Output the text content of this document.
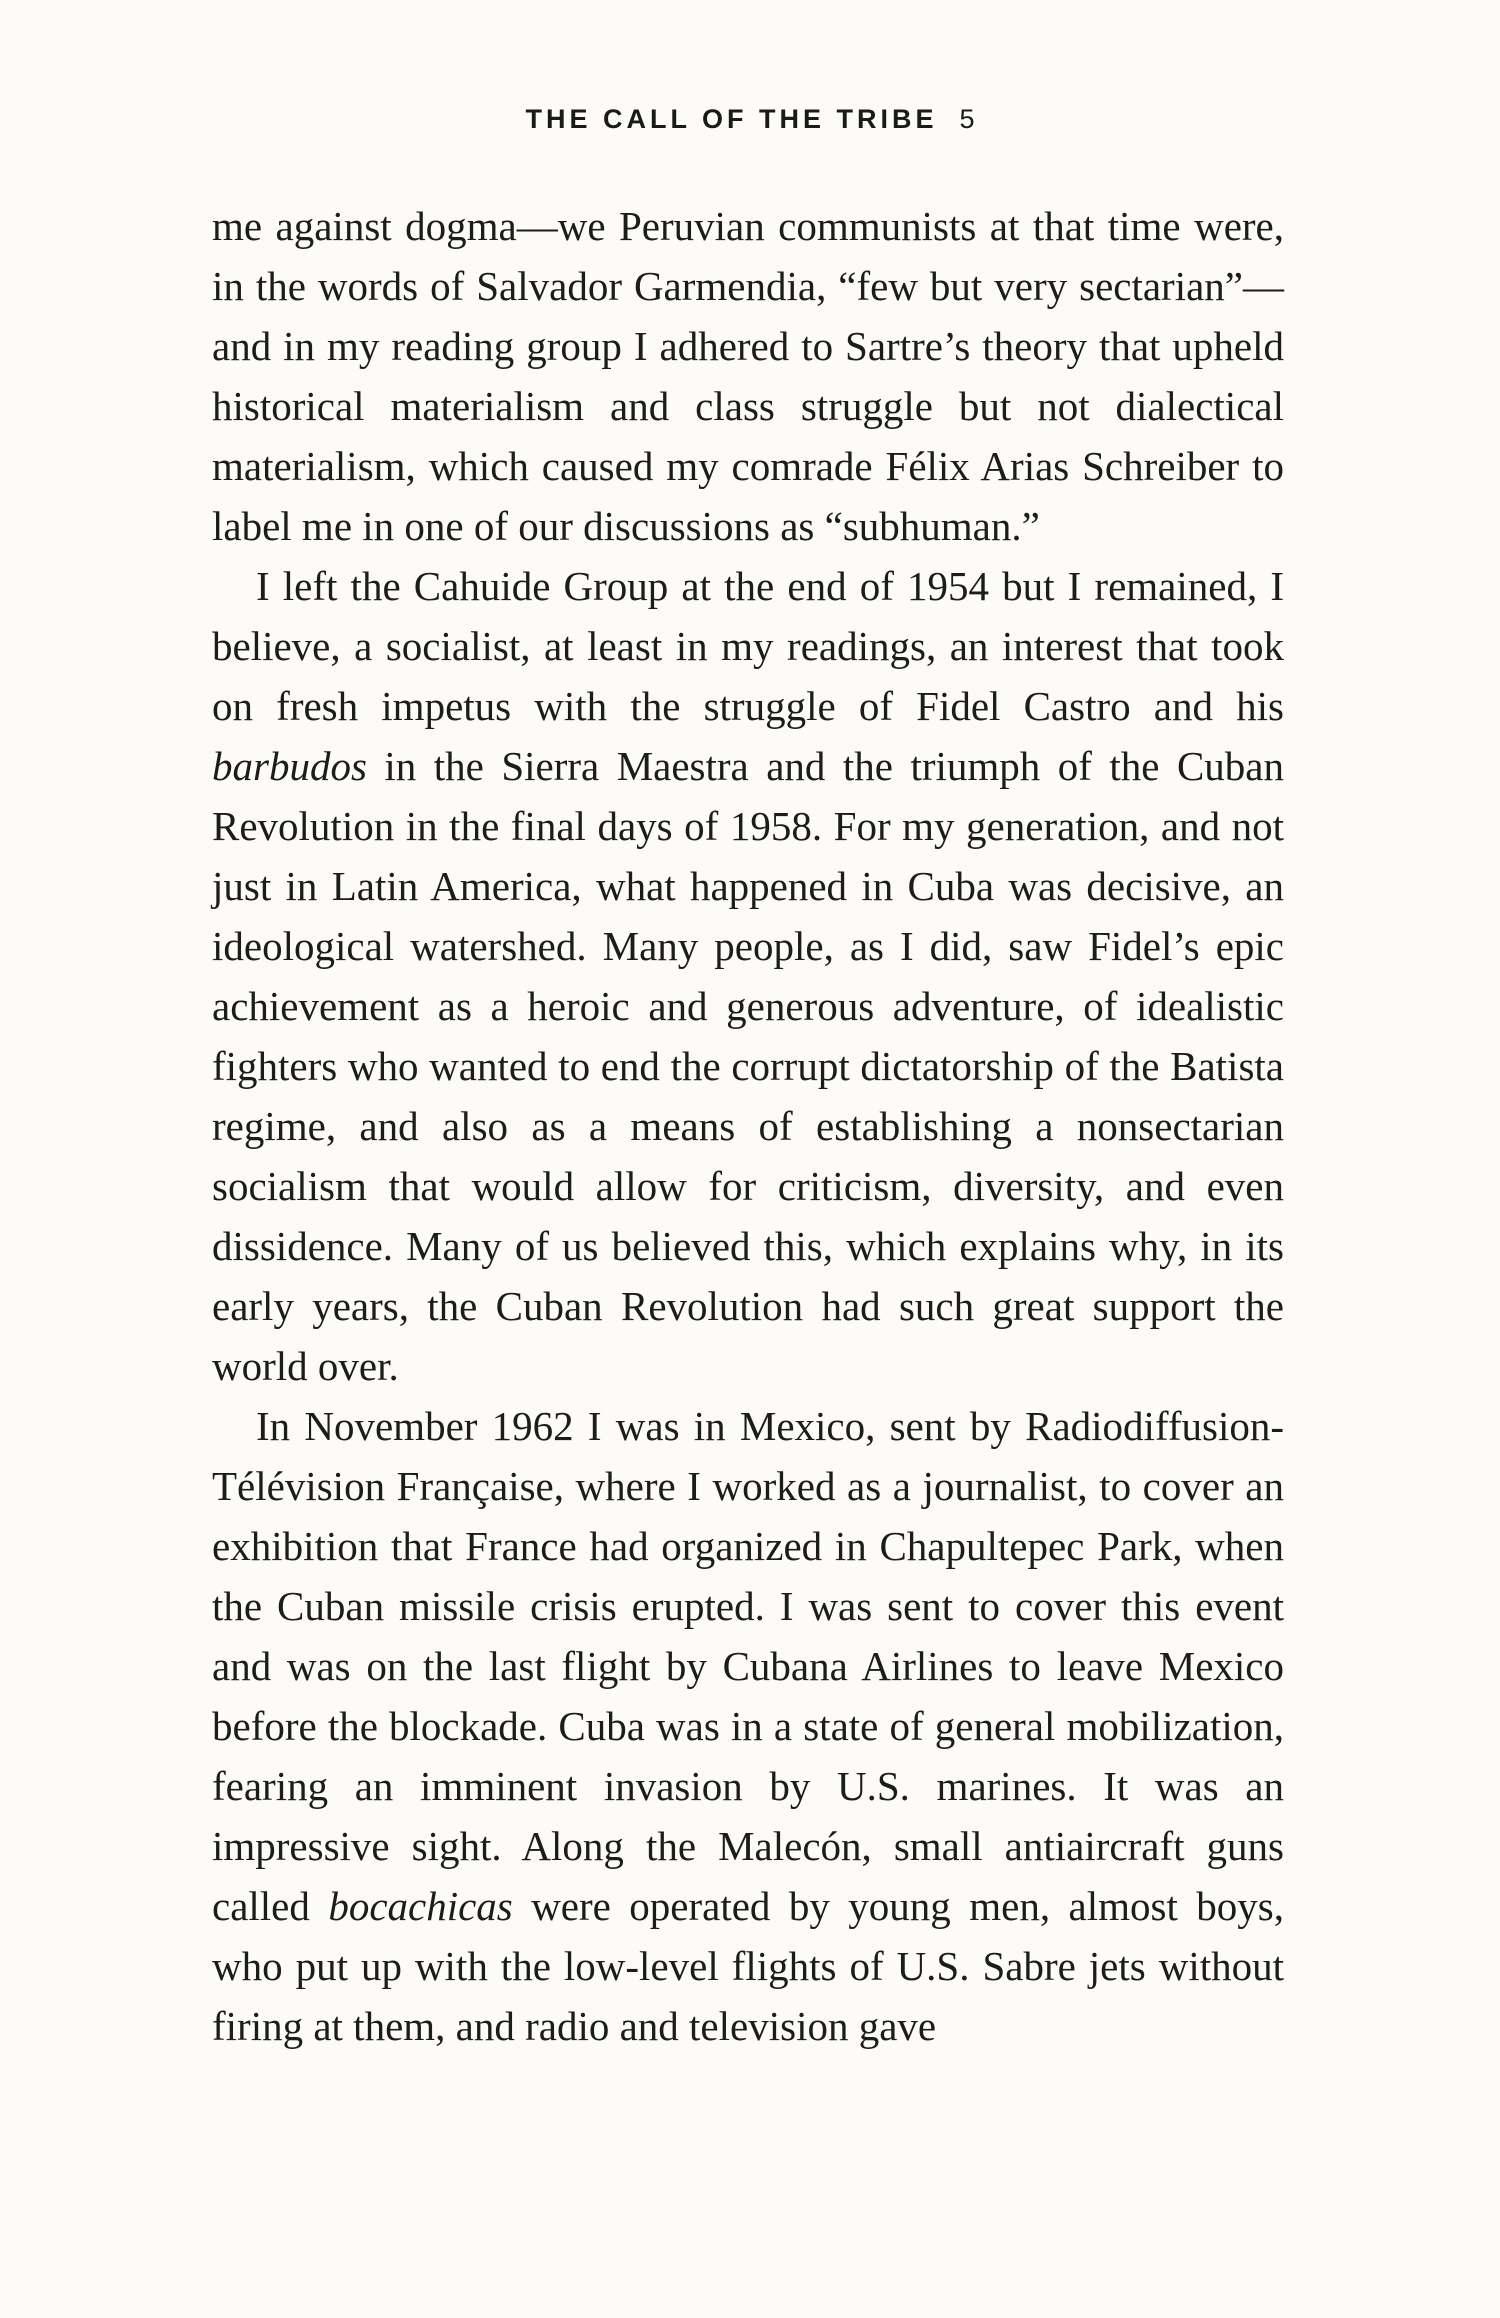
THE CALL OF THE TRIBE 5

me against dogma—we Peruvian communists at that time were, in the words of Salvador Garmendia, “few but very sectarian”—and in my reading group I adhered to Sartre’s theory that upheld historical materialism and class struggle but not dialectical materialism, which caused my comrade Félix Arias Schreiber to label me in one of our discussions as “subhuman.”

I left the Cahuide Group at the end of 1954 but I remained, I believe, a socialist, at least in my readings, an interest that took on fresh impetus with the struggle of Fidel Castro and his barbudos in the Sierra Maestra and the triumph of the Cuban Revolution in the final days of 1958. For my generation, and not just in Latin America, what happened in Cuba was decisive, an ideological watershed. Many people, as I did, saw Fidel’s epic achievement as a heroic and generous adventure, of idealistic fighters who wanted to end the corrupt dictatorship of the Batista regime, and also as a means of establishing a nonsectarian socialism that would allow for criticism, diversity, and even dissidence. Many of us believed this, which explains why, in its early years, the Cuban Revolution had such great support the world over.

In November 1962 I was in Mexico, sent by Radiodiffusion-Télévision Française, where I worked as a journalist, to cover an exhibition that France had organized in Chapultepec Park, when the Cuban missile crisis erupted. I was sent to cover this event and was on the last flight by Cubana Airlines to leave Mexico before the blockade. Cuba was in a state of general mobilization, fearing an imminent invasion by U.S. marines. It was an impressive sight. Along the Malecón, small antiaircraft guns called bocachicas were operated by young men, almost boys, who put up with the low-level flights of U.S. Sabre jets without firing at them, and radio and television gave
